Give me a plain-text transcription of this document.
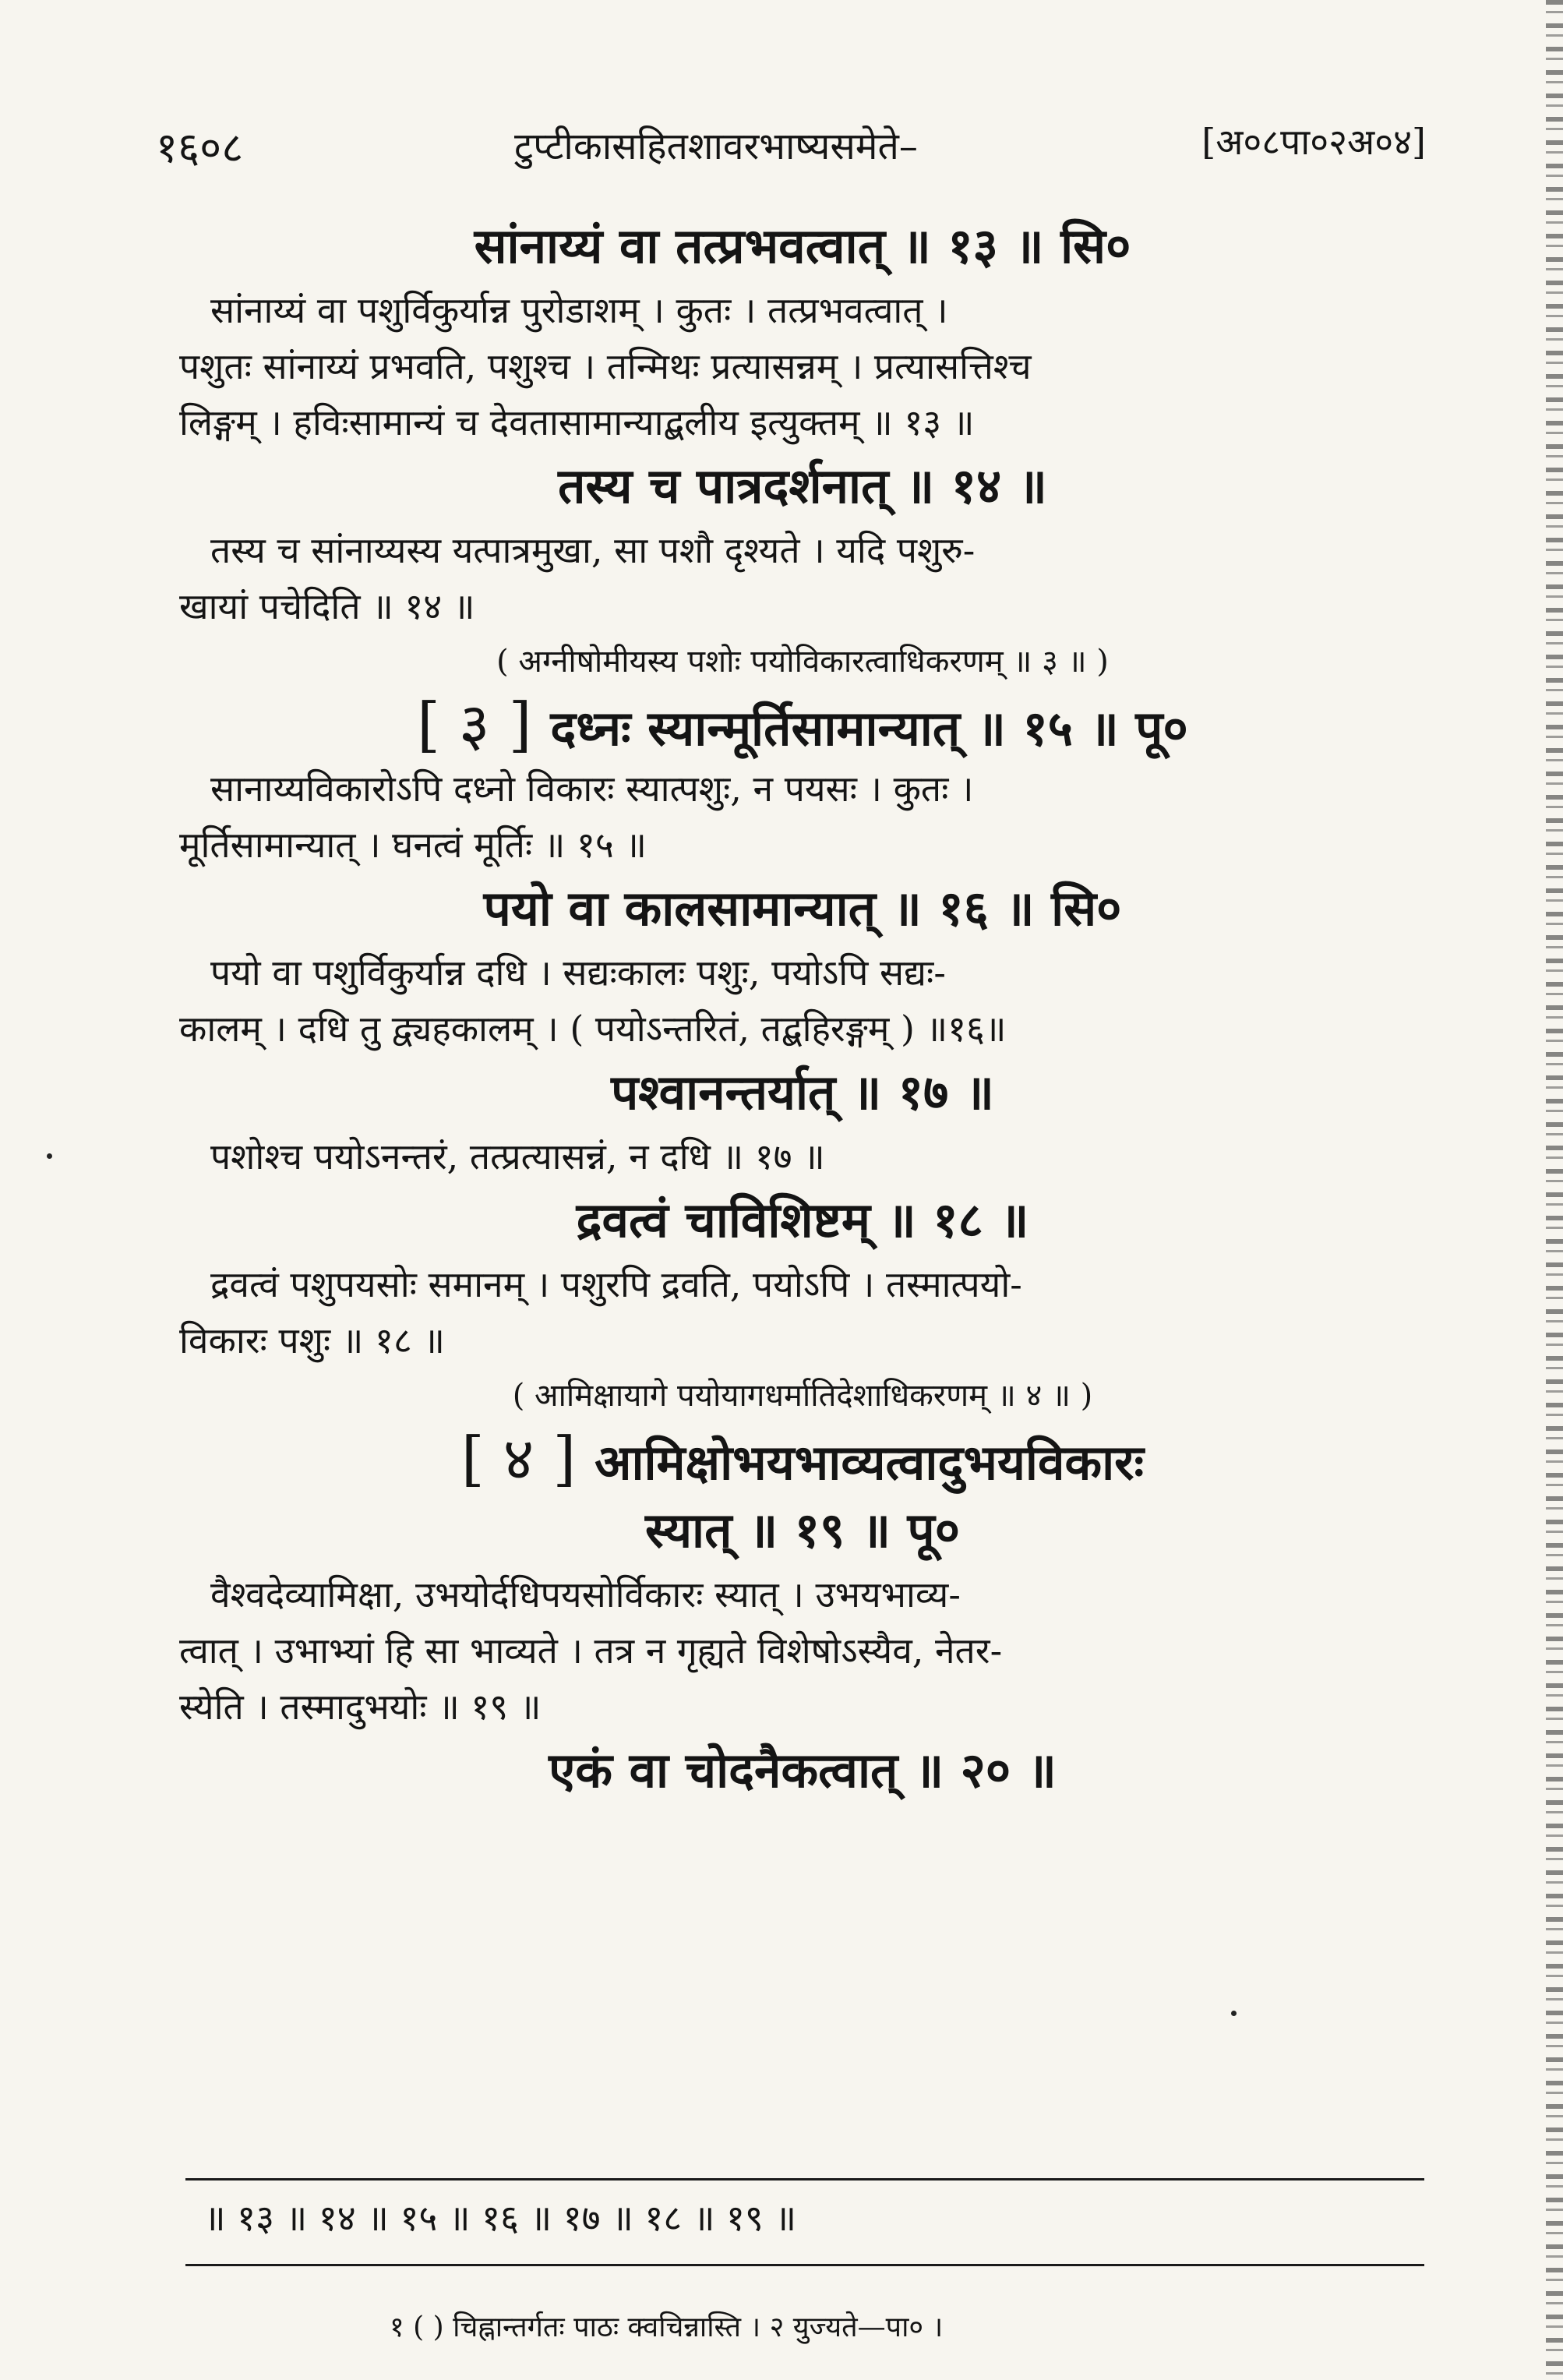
१६०८	टुप्टीकासहितशावरभाष्यसमेते–	[अ०८पा०२अ०४]
सांनाय्यं वा तत्प्रभवत्वात् ॥ १३ ॥ सि०
सांनाय्यं वा पशुर्विकुर्यान्न पुरोडाशम् । कुतः । तत्प्रभवत्वात् ।
पशुतः सांनाय्यं प्रभवति, पशुश्च । तन्मिथः प्रत्यासन्नम् । प्रत्यासत्तिश्च
लिङ्गम् । हविःसामान्यं च देवतासामान्याद्बलीय इत्युक्तम् ॥ १३ ॥
तस्य च पात्रदर्शनात् ॥ १४ ॥
तस्य च सांनाय्यस्य यत्पात्रमुखा, सा पशौ दृश्यते । यदि पशुरु-
खायां पचेदिति ॥ १४ ॥
( अग्नीषोमीयस्य पशोः पयोविकारत्वाधिकरणम् ॥ ३ ॥ )
[ ३ ] दध्नः स्यान्मूर्तिसामान्यात् ॥ १५ ॥ पू०
सानाय्यविकारोऽपि दध्नो विकारः स्यात्पशुः, न पयसः । कुतः ।
मूर्तिसामान्यात् । घनत्वं मूर्तिः ॥ १५ ॥
पयो वा कालसामान्यात् ॥ १६ ॥ सि०
पयो वा पशुर्विकुर्यान्न दधि । सद्यःकालः पशुः, पयोऽपि सद्यः-
कालम् । दधि तु द्व्यहकालम् । ( पयोऽन्तरितं, तद्बहिरङ्गम् ) ॥१६॥
पश्वानन्तर्यात् ॥ १७ ॥
पशोश्च पयोऽनन्तरं, तत्प्रत्यासन्नं, न दधि ॥ १७ ॥
द्रवत्वं चाविशिष्टम् ॥ १८ ॥
द्रवत्वं पशुपयसोः समानम् । पशुरपि द्रवति, पयोऽपि । तस्मात्पयो-
विकारः पशुः ॥ १८ ॥
( आमिक्षायागे पयोयागधर्मातिदेशाधिकरणम् ॥ ४ ॥ )
[ ४ ] आमिक्षोभयभाव्यत्वादुभयविकारः
स्यात् ॥ १९ ॥ पू०
वैश्वदेव्यामिक्षा, उभयोर्दधिपयसोर्विकारः स्यात् । उभयभाव्य-
त्वात् । उभाभ्यां हि सा भाव्यते । तत्र न गृह्यते विशेषोऽस्यैव, नेतर-
स्येति । तस्मादुभयोः ॥ १९ ॥
एकं वा चोदनैकत्वात् ॥ २० ॥
॥ १३ ॥ १४ ॥ १५ ॥ १६ ॥ १७ ॥ १८ ॥ १९ ॥
१ ( ) चिह्नान्तर्गतः पाठः क्वचिन्नास्ति । २ युज्यते—पा० ।
